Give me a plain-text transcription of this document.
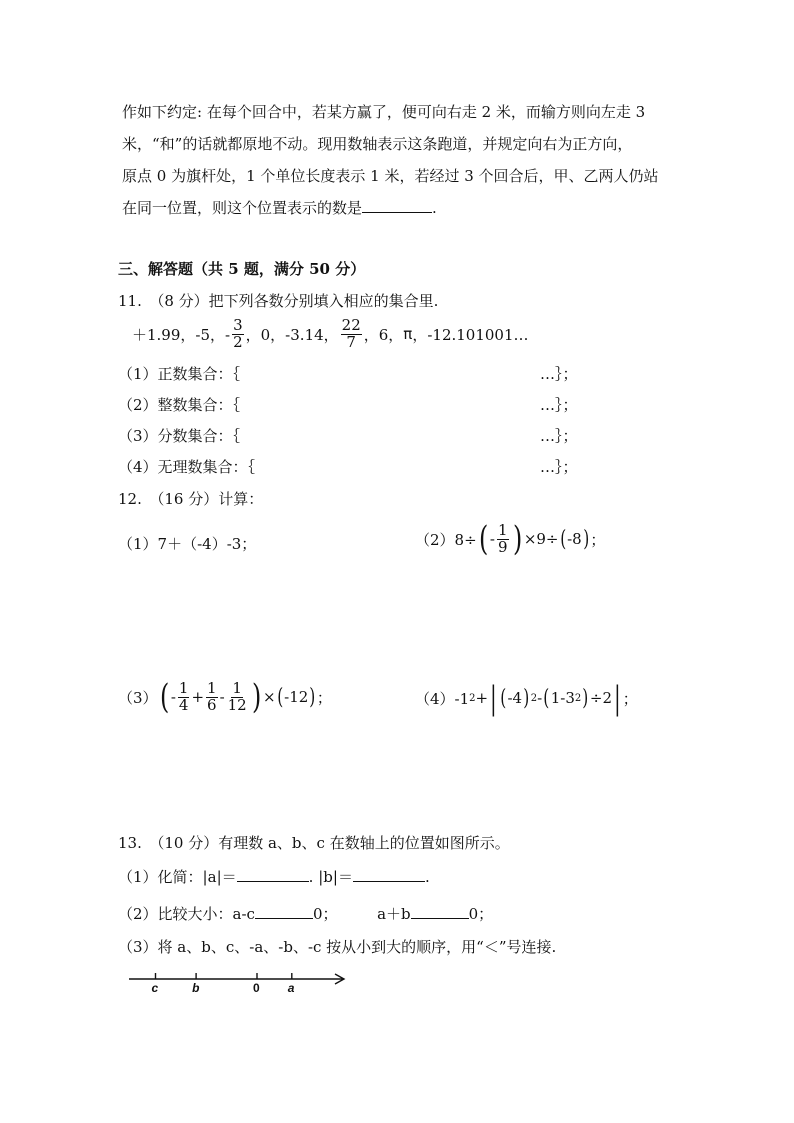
作如下约定: 在每个回合中，若某方赢了，便可向右走 2 米，而输方则向左走 3
米，“和”的话就都原地不动。现用数轴表示这条跑道，并规定向右为正方向，
原点 0 为旗杆处，1 个单位长度表示 1 米，若经过 3 个回合后，甲、乙两人仍站
在同一位置，则这个位置表示的数是	.
三、解答题（共 5 题，满分 50 分）
11.　（8 分）把下列各数分别填入相应的集合里.
＋1.99，-5，- $\frac{3}{2}$ ，0，-3.14， $\frac{22}{7}$ ，6， π ，-12.101001…
（1）正数集合：｛	…｝；
（2）整数集合：｛	…｝；
（3）分数集合：｛	…｝；
（4）无理数集合：｛	…｝；
12.　（16 分）计算：
（1）7＋（-4）-3；	（2）8÷ ( - $\frac{1}{9}$ ) ×9÷ ( -8 ) ；
（3） ( - $\frac{1}{4} + \frac{1}{6} - \frac{1}{12}$ ) × ( -12 ) ；	（4）-1 2 + | ( -4 ) 2 - ( 1-3 2 ) ÷2 | ；
13.　（10 分）有理数 a、b、c 在数轴上的位置如图所示。
（1）化简：|a|＝	. |b|＝	.
（2）比较大小：a-c	0；	a＋b	0；
（3）将 a、b、c、-a、-b、-c 按从小到大的顺序，用“＜”号连接.
c	b	0 a
